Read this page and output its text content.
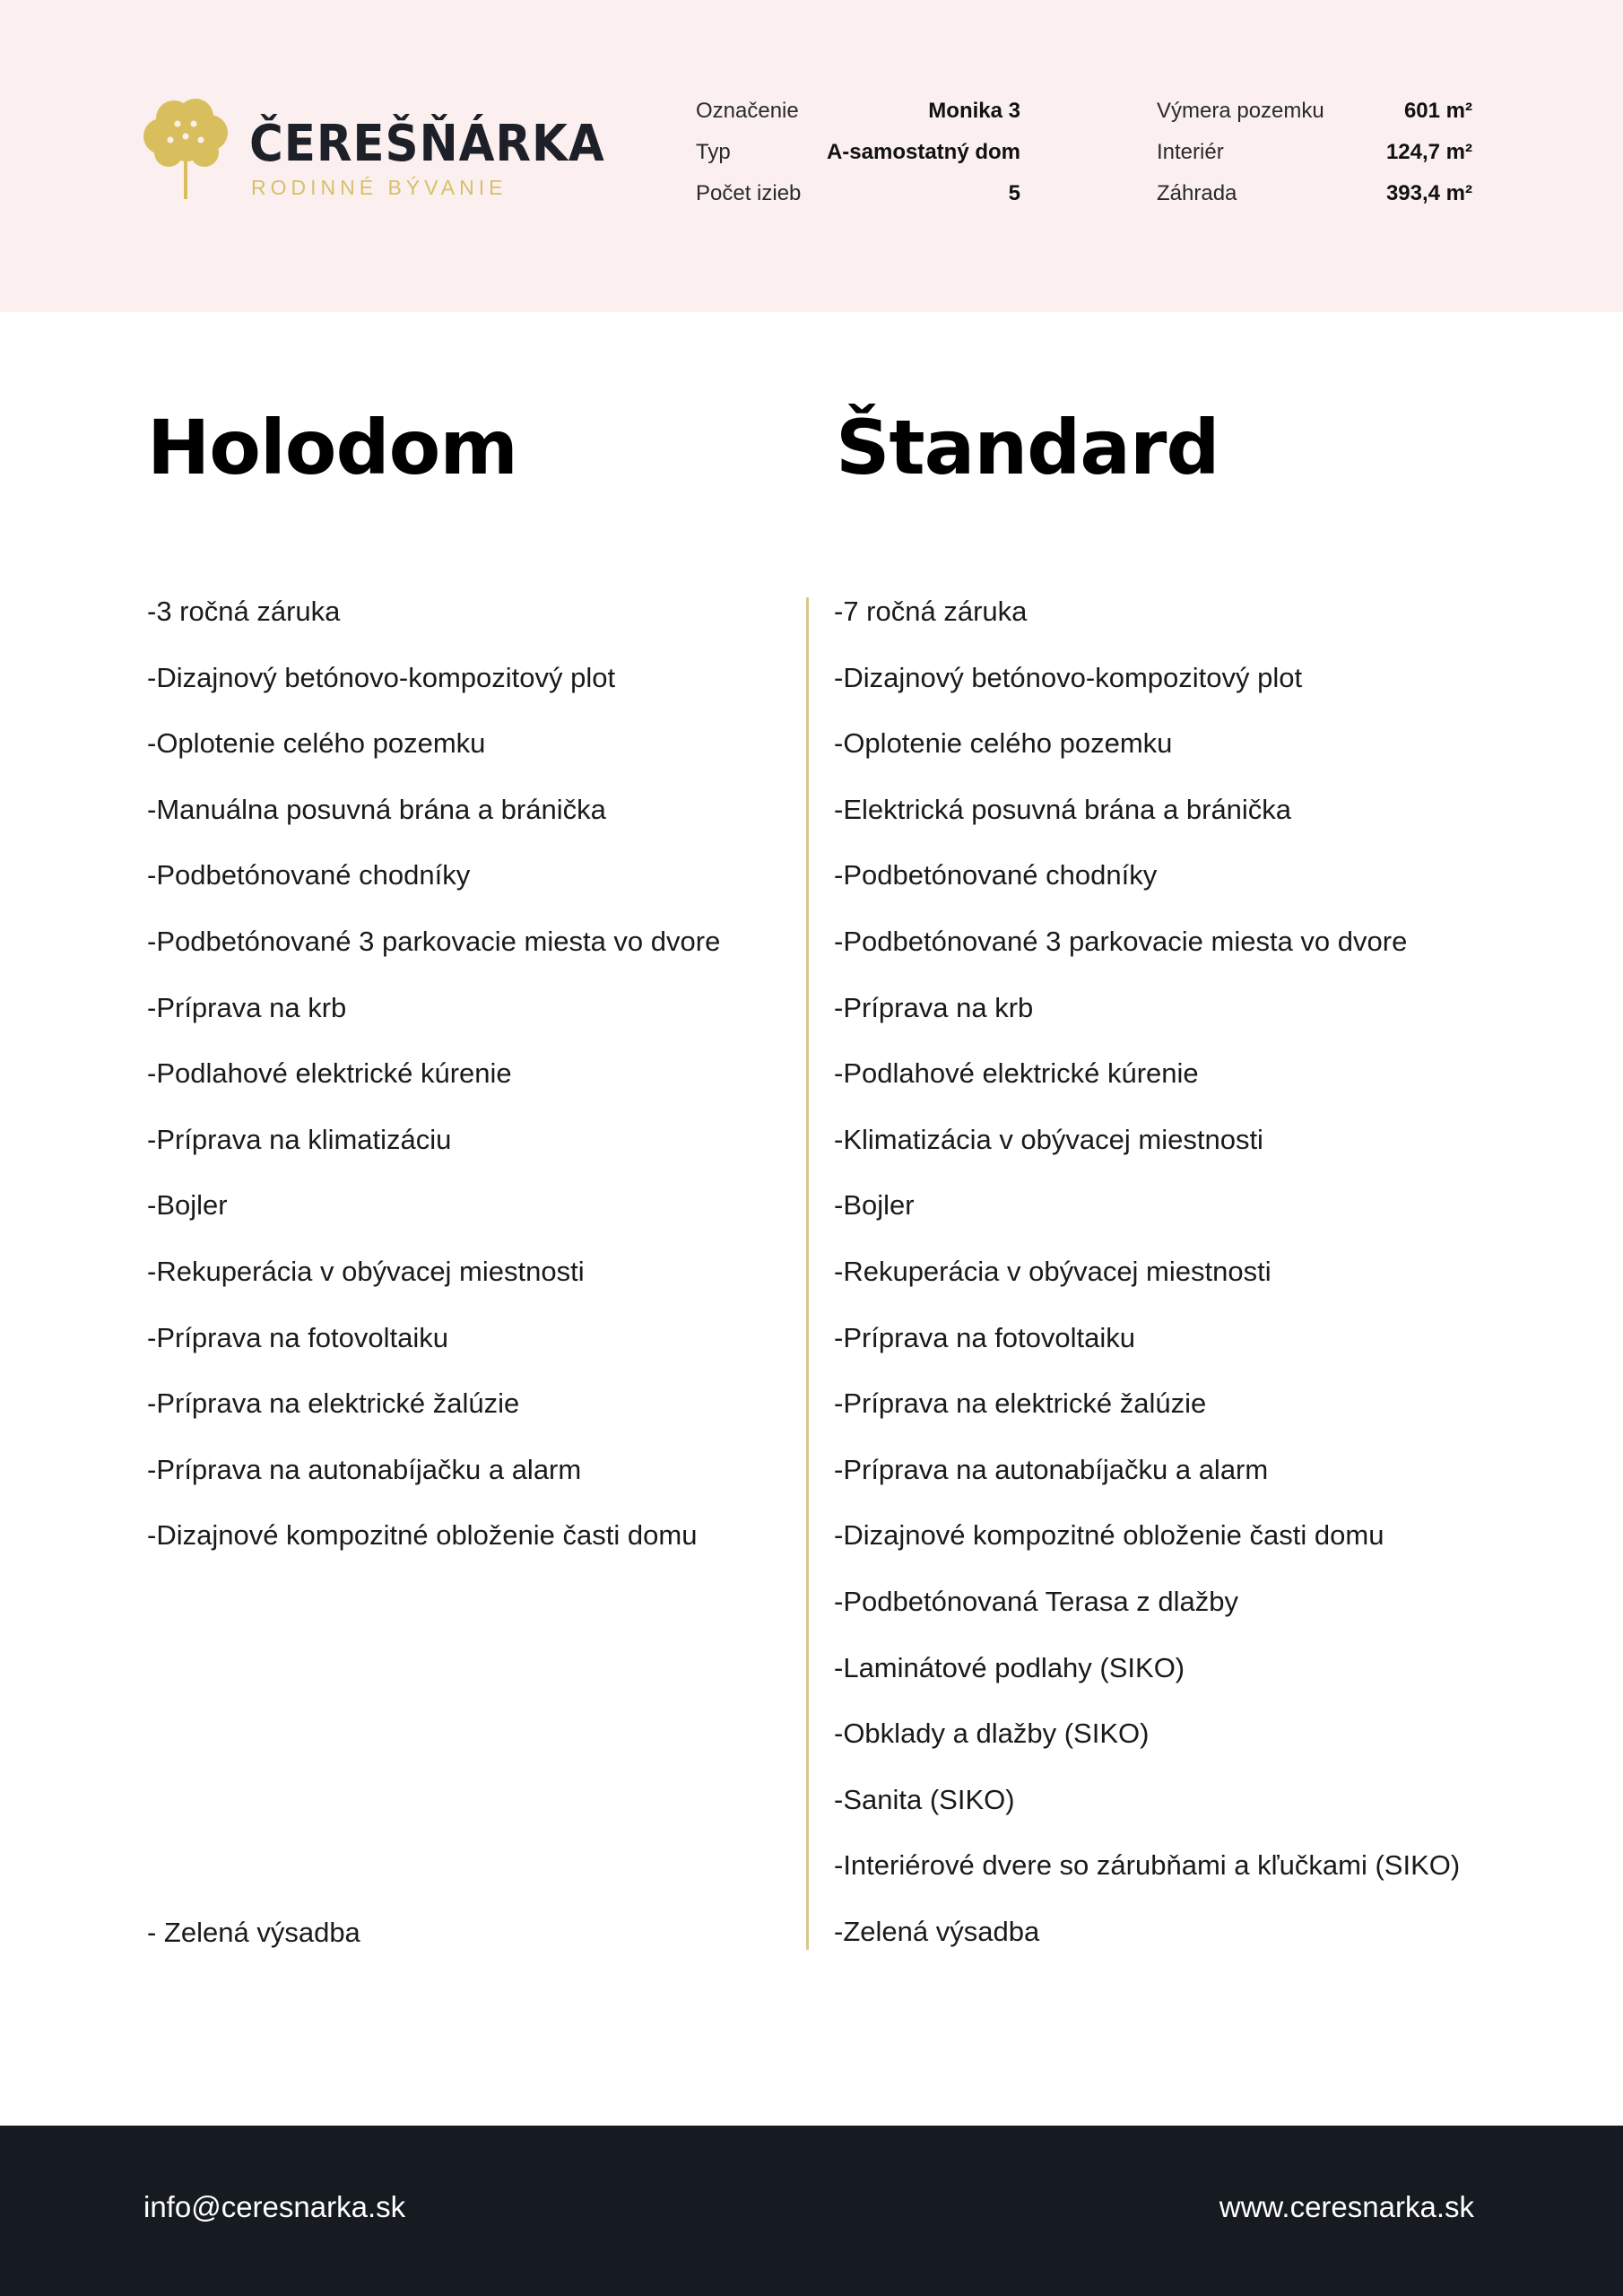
ČEREŠŇÁRKA
RODINNÉ BÝVANIE
Označenie	Monika 3
Typ	A-samostatný dom
Počet izieb	5
Výmera pozemku	601 m²
Interiér	124,7 m²
Záhrada	393,4 m²
Holodom	Štandard
-3 ročná záruka
-Dizajnový betónovo-kompozitový plot
-Oplotenie celého pozemku
-Manuálna posuvná brána a bránička
-Podbetónované chodníky
-Podbetónované 3 parkovacie miesta vo dvore
-Príprava na krb
-Podlahové elektrické kúrenie
-Príprava na klimatizáciu
-Bojler
-Rekuperácia v obývacej miestnosti
-Príprava na fotovoltaiku
-Príprava na elektrické žalúzie
-Príprava na autonabíjačku a alarm
-Dizajnové kompozitné obloženie časti domu
- Zelená výsadba
-7 ročná záruka
-Dizajnový betónovo-kompozitový plot
-Oplotenie celého pozemku
-Elektrická posuvná brána a bránička
-Podbetónované chodníky
-Podbetónované 3 parkovacie miesta vo dvore
-Príprava na krb
-Podlahové elektrické kúrenie
-Klimatizácia v obývacej miestnosti
-Bojler
-Rekuperácia v obývacej miestnosti
-Príprava na fotovoltaiku
-Príprava na elektrické žalúzie
-Príprava na autonabíjačku a alarm
-Dizajnové kompozitné obloženie časti domu
-Podbetónovaná Terasa z dlažby
-Laminátové podlahy (SIKO)
-Obklady a dlažby (SIKO)
-Sanita (SIKO)
-Interiérové dvere so zárubňami a kľučkami (SIKO)
-Zelená výsadba
info@ceresnarka.sk	www.ceresnarka.sk
